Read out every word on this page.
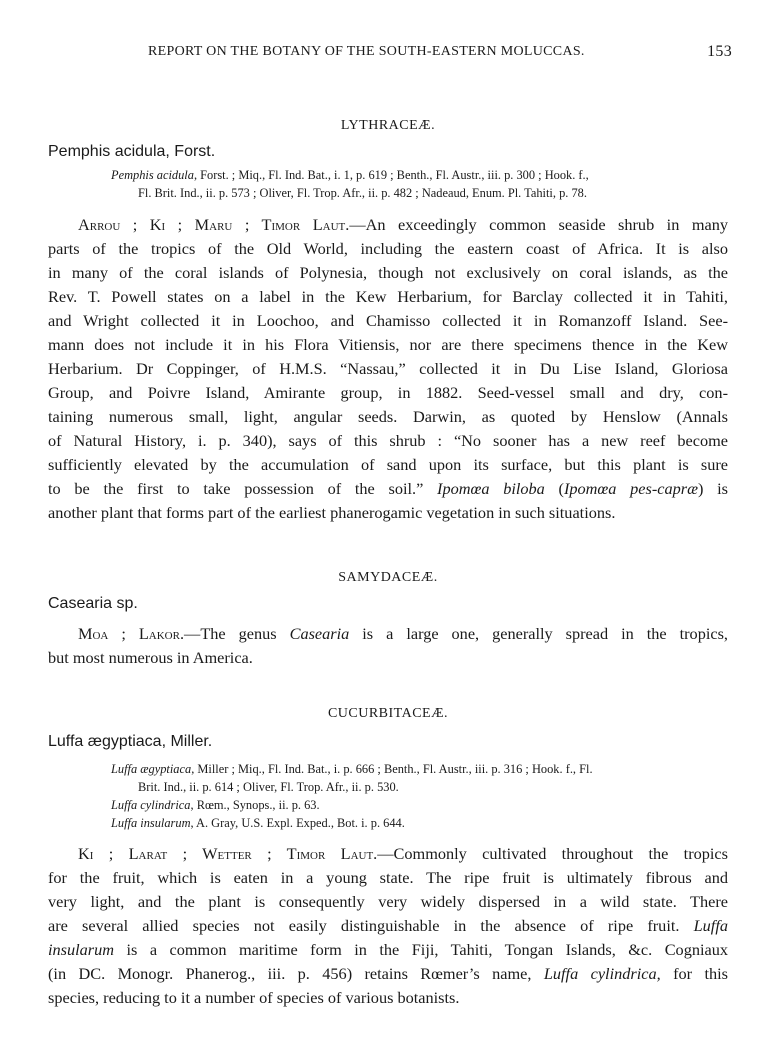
REPORT ON THE BOTANY OF THE SOUTH-EASTERN MOLUCCAS.	153
LYTHRACEÆ.
Pemphis acidula, Forst.
Pemphis acidula, Forst. ; Miq., Fl. Ind. Bat., i. 1, p. 619 ; Benth., Fl. Austr., iii. p. 300 ; Hook. f.,
Fl. Brit. Ind., ii. p. 573 ; Oliver, Fl. Trop. Afr., ii. p. 482 ; Nadeaud, Enum. Pl. Tahiti, p. 78.
Arrou ; Ki ; Maru ; Timor Laut.—An exceedingly common seaside shrub in many
parts of the tropics of the Old World, including the eastern coast of Africa. It is also
in many of the coral islands of Polynesia, though not exclusively on coral islands, as the
Rev. T. Powell states on a label in the Kew Herbarium, for Barclay collected it in Tahiti,
and Wright collected it in Loochoo, and Chamisso collected it in Romanzoff Island. See-
mann does not include it in his Flora Vitiensis, nor are there specimens thence in the Kew
Herbarium. Dr Coppinger, of H.M.S. “Nassau,” collected it in Du Lise Island, Gloriosa
Group, and Poivre Island, Amirante group, in 1882. Seed-vessel small and dry, con-
taining numerous small, light, angular seeds. Darwin, as quoted by Henslow (Annals
of Natural History, i. p. 340), says of this shrub : “No sooner has a new reef become
sufficiently elevated by the accumulation of sand upon its surface, but this plant is sure
to be the first to take possession of the soil.” Ipomœa biloba (Ipomœa pes-capræ) is
another plant that forms part of the earliest phanerogamic vegetation in such situations.
SAMYDACEÆ.
Casearia sp.
Moa ; Lakor.—The genus Casearia is a large one, generally spread in the tropics,
but most numerous in America.
CUCURBITACEÆ.
Luffa ægyptiaca, Miller.
Luffa ægyptiaca, Miller ; Miq., Fl. Ind. Bat., i. p. 666 ; Benth., Fl. Austr., iii. p. 316 ; Hook. f., Fl.
Brit. Ind., ii. p. 614 ; Oliver, Fl. Trop. Afr., ii. p. 530.
Luffa cylindrica, Rœm., Synops., ii. p. 63.
Luffa insularum, A. Gray, U.S. Expl. Exped., Bot. i. p. 644.
Ki ; Larat ; Wetter ; Timor Laut.—Commonly cultivated throughout the tropics
for the fruit, which is eaten in a young state. The ripe fruit is ultimately fibrous and
very light, and the plant is consequently very widely dispersed in a wild state. There
are several allied species not easily distinguishable in the absence of ripe fruit. Luffa
insularum is a common maritime form in the Fiji, Tahiti, Tongan Islands, &c. Cogniaux
(in DC. Monogr. Phanerog., iii. p. 456) retains Rœmer’s name, Luffa cylindrica, for this
species, reducing to it a number of species of various botanists.
